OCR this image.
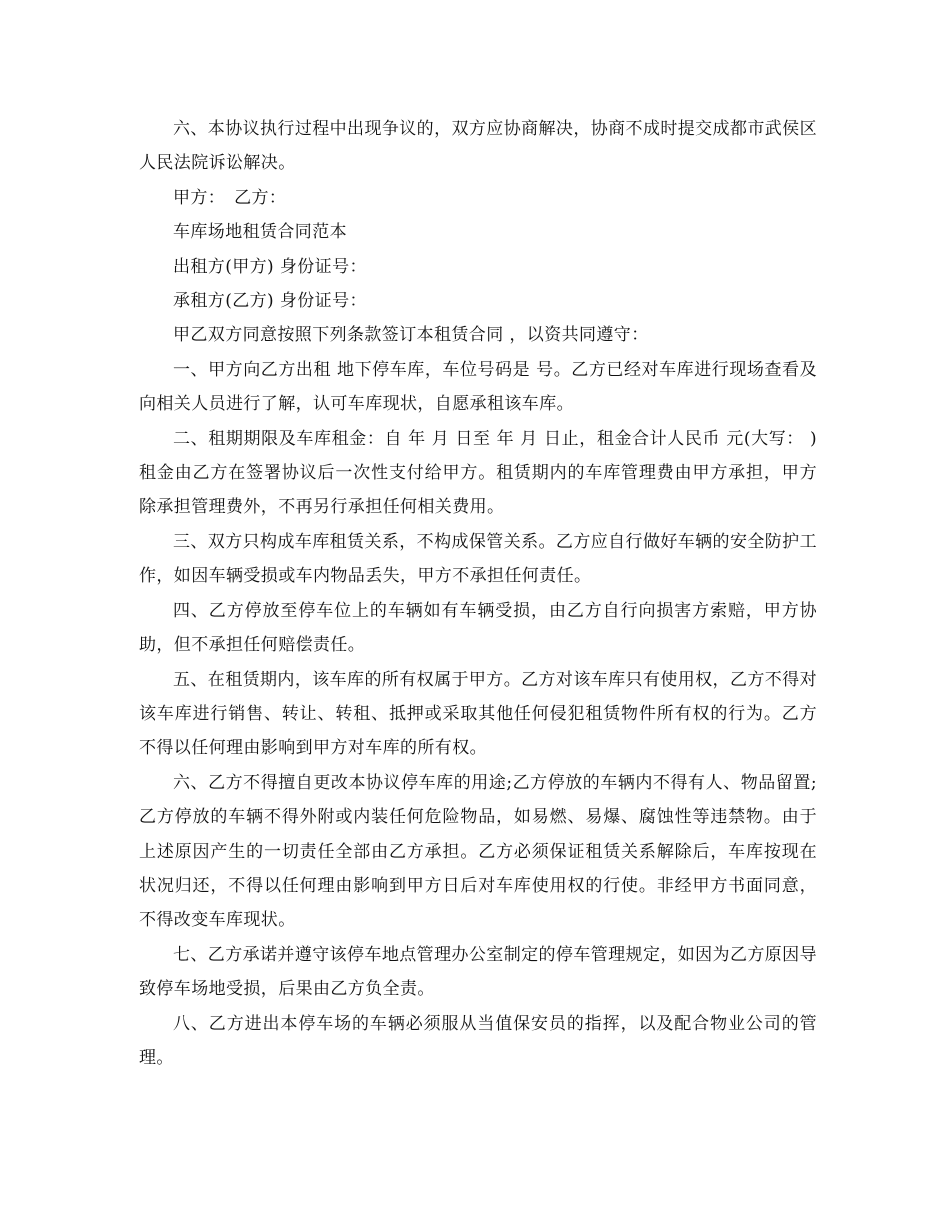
六、本协议执行过程中出现争议的，双方应协商解决，协商不成时提交成都市武侯区人民法院诉讼解决。

甲方：　乙方：

车库场地租赁合同范本

出租方(甲方) 身份证号：

承租方(乙方) 身份证号：

甲乙双方同意按照下列条款签订本租赁合同 ，以资共同遵守：

一、甲方向乙方出租 地下停车库，车位号码是 号。乙方已经对车库进行现场查看及向相关人员进行了解，认可车库现状，自愿承租该车库。

二、租期期限及车库租金：自 年 月 日至 年 月 日止，租金合计人民币 元(大写： )租金由乙方在签署协议后一次性支付给甲方。租赁期内的车库管理费由甲方承担，甲方除承担管理费外，不再另行承担任何相关费用。

三、双方只构成车库租赁关系，不构成保管关系。乙方应自行做好车辆的安全防护工作，如因车辆受损或车内物品丢失，甲方不承担任何责任。

四、乙方停放至停车位上的车辆如有车辆受损，由乙方自行向损害方索赔，甲方协助，但不承担任何赔偿责任。

五、在租赁期内，该车库的所有权属于甲方。乙方对该车库只有使用权，乙方不得对该车库进行销售、转让、转租、抵押或采取其他任何侵犯租赁物件所有权的行为。乙方不得以任何理由影响到甲方对车库的所有权。

六、乙方不得擅自更改本协议停车库的用途;乙方停放的车辆内不得有人、物品留置;乙方停放的车辆不得外附或内装任何危险物品，如易燃、易爆、腐蚀性等违禁物。由于上述原因产生的一切责任全部由乙方承担。乙方必须保证租赁关系解除后，车库按现在状况归还，不得以任何理由影响到甲方日后对车库使用权的行使。非经甲方书面同意，不得改变车库现状。

七、乙方承诺并遵守该停车地点管理办公室制定的停车管理规定，如因为乙方原因导致停车场地受损，后果由乙方负全责。

八、乙方进出本停车场的车辆必须服从当值保安员的指挥，以及配合物业公司的管理。
